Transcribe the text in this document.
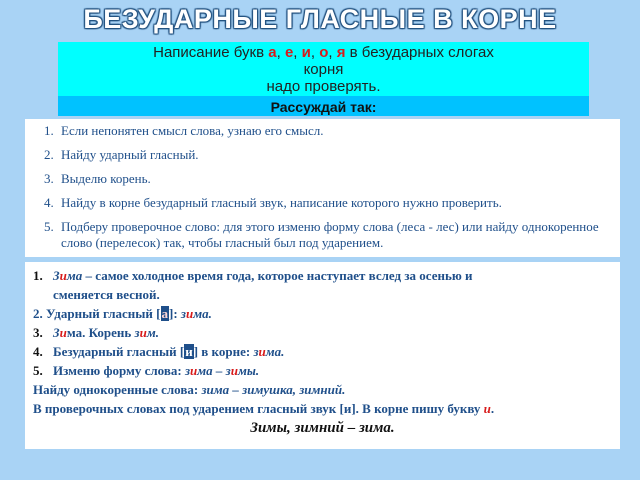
БЕЗУДАРНЫЕ ГЛАСНЫЕ В КОРНЕ
Написание букв а, е, и, о, я в безударных слогах
корня
надо проверять.
Рассуждай так:
1. Если непонятен смысл слова, узнаю его смысл.
2. Найду ударный гласный.
3. Выделю корень.
4. Найду в корне безударный гласный звук, написание которого нужно проверить.
5. Подберу проверочное слово: для этого изменю форму слова (леса - лес) или найду однокоренное слово (перелесок) так, чтобы гласный был под ударением.
1. Зима – самое холодное время года, которое наступает вслед за осенью и
сменяется весной.
2. Ударный гласный [а]: зима.
3. Зима. Корень зим.
4. Безударный гласный [и] в корне: зима.
5. Изменю форму слова: зима – зимы.
Найду однокоренные слова: зима – зимушка, зимний.
В проверочных словах под ударением гласный звук [и]. В корне пишу букву и.
Зимы, зимний – зима.
